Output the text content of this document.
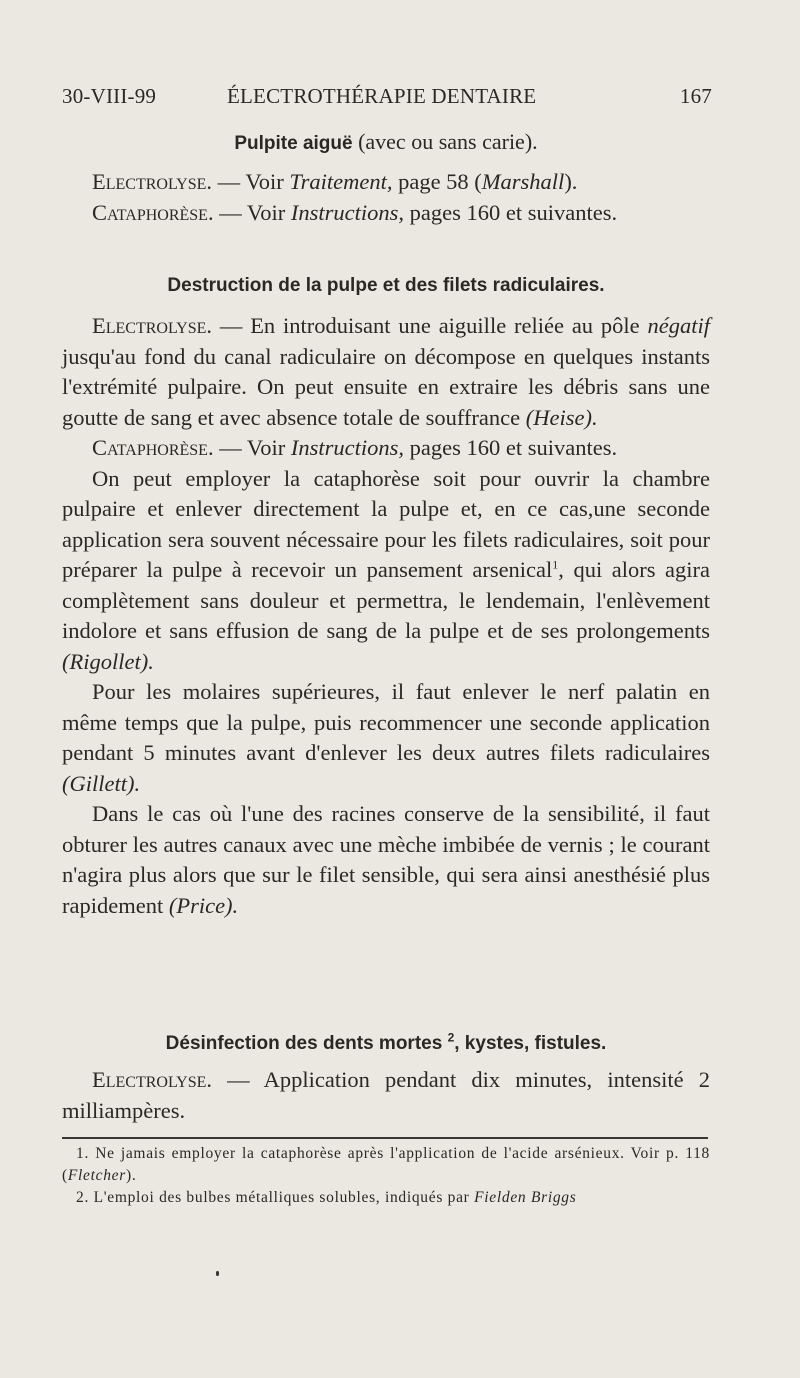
30-VIII-99	ÉLECTROTHÉRAPIE DENTAIRE	167
Pulpite aiguë (avec ou sans carie).
Electrolyse. — Voir Traitement, page 58 (Marshall).
Cataphorèse. — Voir Instructions, pages 160 et suivantes.
Destruction de la pulpe et des filets radiculaires.
Electrolyse. — En introduisant une aiguille reliée au pôle négatif jusqu'au fond du canal radiculaire on décompose en quelques instants l'extrémité pulpaire. On peut ensuite en extraire les débris sans une goutte de sang et avec absence totale de souffrance (Heise).
Cataphorèse. — Voir Instructions, pages 160 et suivantes.
On peut employer la cataphorèse soit pour ouvrir la chambre pulpaire et enlever directement la pulpe et, en ce cas,une seconde application sera souvent nécessaire pour les filets radiculaires, soit pour préparer la pulpe à recevoir un pansement arsenical$^1$, qui alors agira complètement sans douleur et permettra, le lendemain, l'enlèvement indolore et sans effusion de sang de la pulpe et de ses prolongements (Rigollet).
Pour les molaires supérieures, il faut enlever le nerf palatin en même temps que la pulpe, puis recommencer une seconde application pendant 5 minutes avant d'enlever les deux autres filets radiculaires (Gillett).
Dans le cas où l'une des racines conserve de la sensibilité, il faut obturer les autres canaux avec une mèche imbibée de vernis ; le courant n'agira plus alors que sur le filet sensible, qui sera ainsi anesthésié plus rapidement (Price).
Désinfection des dents mortes $^2$, kystes, fistules.
Electrolyse. — Application pendant dix minutes, intensité 2 milliampères.
1. Ne jamais employer la cataphorèse après l'application de l'acide arsénieux. Voir p. 118 (Fletcher).
2. L'emploi des bulbes métalliques solubles, indiqués par Fielden Briggs
